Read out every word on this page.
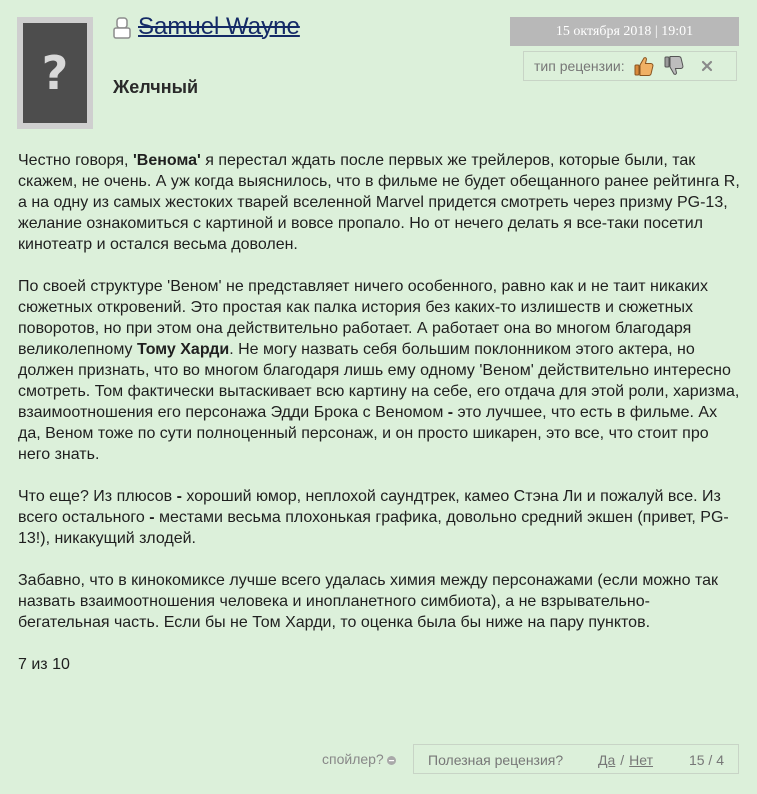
?
Samuel Wayne
Желчный
15 октября 2018 | 19:01
тип рецензии:

Честно говоря, 'Венома' я перестал ждать после первых же трейлеров, которые были, так скажем, не очень. А уж когда выяснилось, что в фильме не будет обещанного ранее рейтинга R, а на одну из самых жестоких тварей вселенной Marvel придется смотреть через призму PG-13, желание ознакомиться с картиной и вовсе пропало. Но от нечего делать я все-таки посетил кинотеатр и остался весьма доволен.

По своей структуре 'Веном' не представляет ничего особенного, равно как и не таит никаких сюжетных откровений. Это простая как палка история без каких-то излишеств и сюжетных поворотов, но при этом она действительно работает. А работает она во многом благодаря великолепному Тому Харди. Не могу назвать себя большим поклонником этого актера, но должен признать, что во многом благодаря лишь ему одному 'Веном' действительно интересно смотреть. Том фактически вытаскивает всю картину на себе, его отдача для этой роли, харизма, взаимоотношения его персонажа Эдди Брока с Веномом - это лучшее, что есть в фильме. Ах да, Веном тоже по сути полноценный персонаж, и он просто шикарен, это все, что стоит про него знать.

Что еще? Из плюсов - хороший юмор, неплохой саундтрек, камео Стэна Ли и пожалуй все. Из всего остального - местами весьма плохонькая графика, довольно средний экшен (привет, PG-13!), никакущий злодей.

Забавно, что в кинокомиксе лучше всего удалась химия между персонажами (если можно так назвать взаимоотношения человека и инопланетного симбиота), а не взрывательно-бегательная часть. Если бы не Том Харди, то оценка была бы ниже на пару пунктов.

7 из 10

спойлер?	Полезная рецензия? Да / Нет	15 / 4
